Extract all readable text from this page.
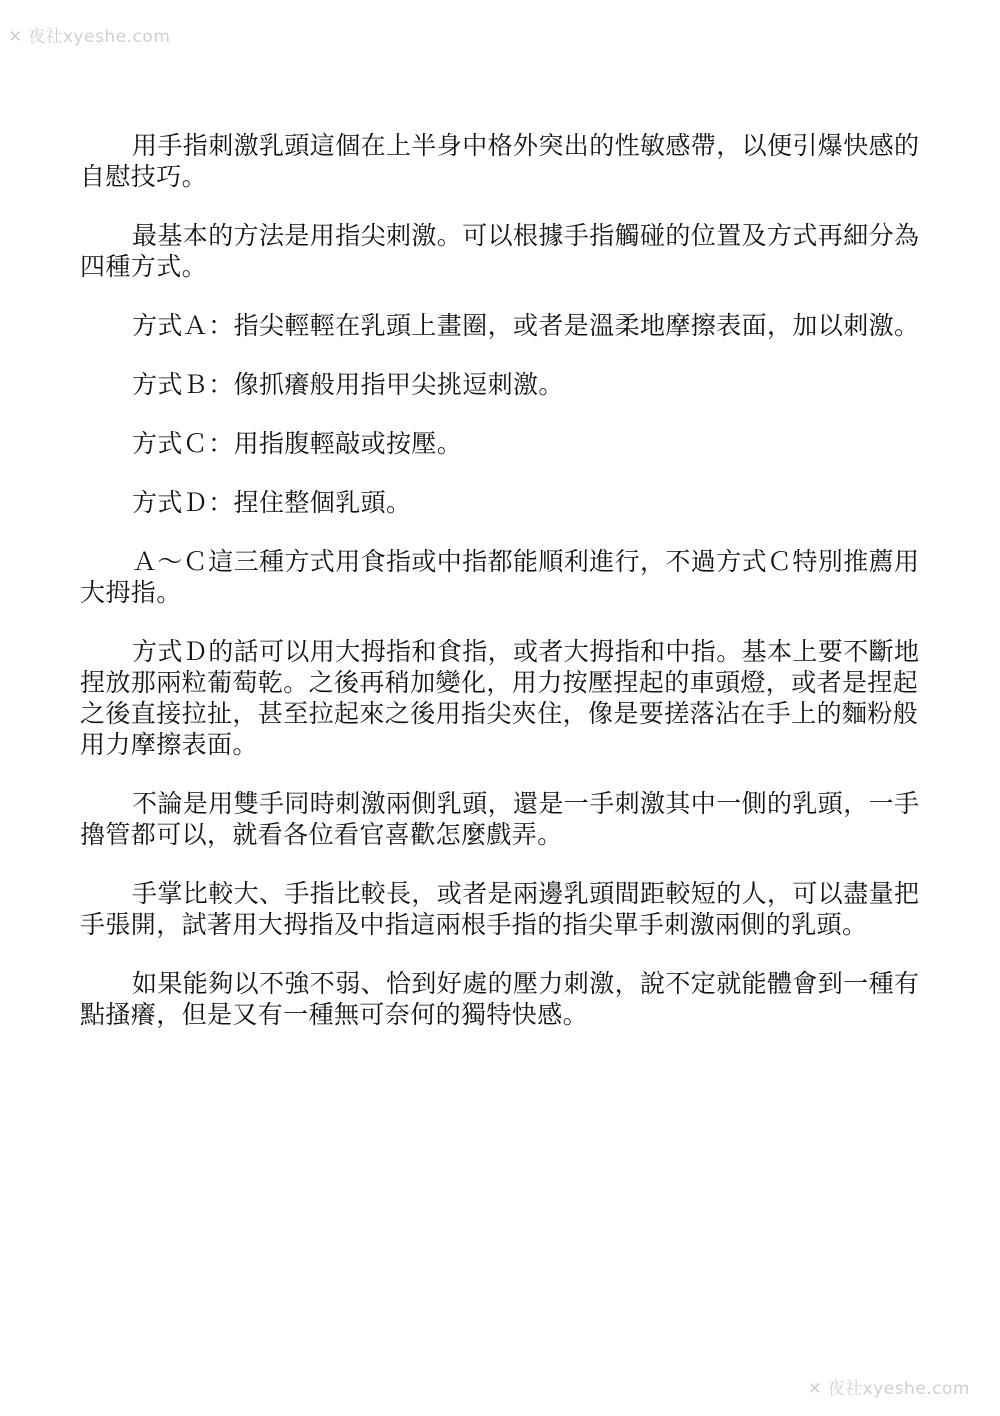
✕ 夜社xyeshe.com

用手指刺激乳頭這個在上半身中格外突出的性敏感帶，以便引爆快感的自慰技巧。

最基本的方法是用指尖刺激。可以根據手指觸碰的位置及方式再細分為四種方式。

方式Ａ：指尖輕輕在乳頭上畫圈，或者是溫柔地摩擦表面，加以刺激。

方式Ｂ：像抓癢般用指甲尖挑逗刺激。

方式Ｃ：用指腹輕敲或按壓。

方式Ｄ：捏住整個乳頭。

Ａ～Ｃ這三種方式用食指或中指都能順利進行，不過方式Ｃ特別推薦用大拇指。

方式Ｄ的話可以用大拇指和食指，或者大拇指和中指。基本上要不斷地捏放那兩粒葡萄乾。之後再稍加變化，用力按壓捏起的車頭燈，或者是捏起之後直接拉扯，甚至拉起來之後用指尖夾住，像是要搓落沾在手上的麵粉般用力摩擦表面。

不論是用雙手同時刺激兩側乳頭，還是一手刺激其中一側的乳頭，一手擼管都可以，就看各位看官喜歡怎麼戲弄。

手掌比較大、手指比較長，或者是兩邊乳頭間距較短的人，可以盡量把手張開，試著用大拇指及中指這兩根手指的指尖單手刺激兩側的乳頭。

如果能夠以不強不弱、恰到好處的壓力刺激，說不定就能體會到一種有點搔癢，但是又有一種無可奈何的獨特快感。

✕ 夜社xyeshe.com
